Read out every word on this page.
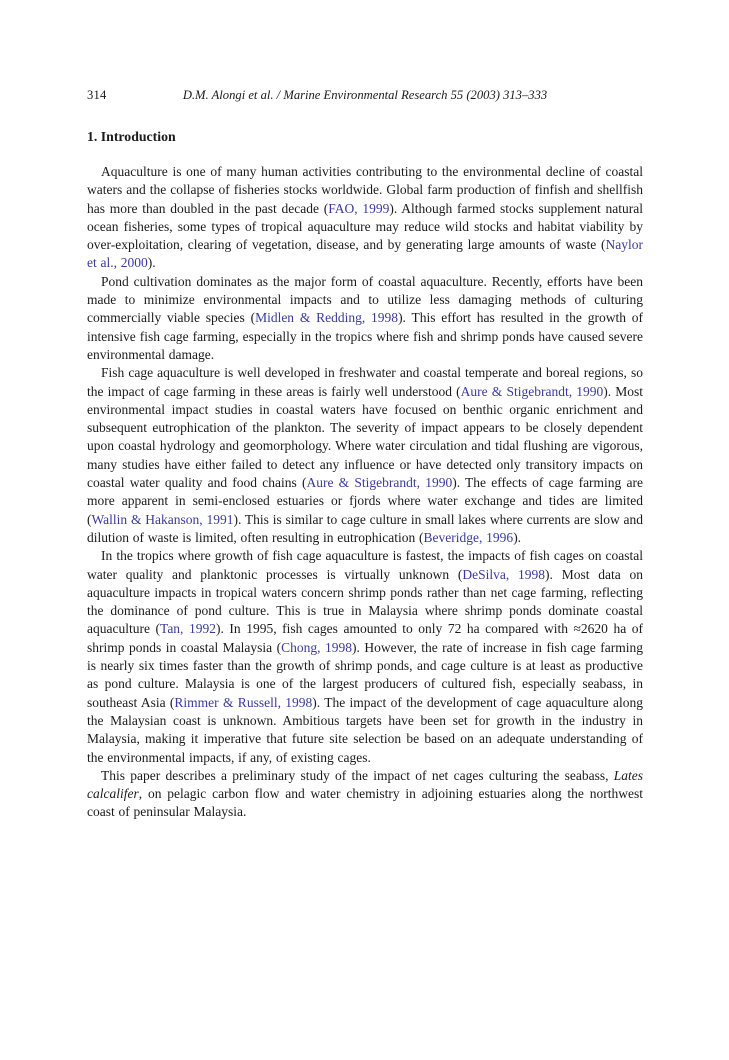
314	D.M. Alongi et al. / Marine Environmental Research 55 (2003) 313–333
1. Introduction

Aquaculture is one of many human activities contributing to the environmental decline of coastal waters and the collapse of fisheries stocks worldwide. Global farm production of finfish and shellfish has more than doubled in the past decade (FAO, 1999). Although farmed stocks supplement natural ocean fisheries, some types of tropical aquaculture may reduce wild stocks and habitat viability by over-exploitation, clearing of vegetation, disease, and by generating large amounts of waste (Naylor et al., 2000).

Pond cultivation dominates as the major form of coastal aquaculture. Recently, efforts have been made to minimize environmental impacts and to utilize less damaging methods of culturing commercially viable species (Midlen & Redding, 1998). This effort has resulted in the growth of intensive fish cage farming, especially in the tropics where fish and shrimp ponds have caused severe environmental damage.

Fish cage aquaculture is well developed in freshwater and coastal temperate and boreal regions, so the impact of cage farming in these areas is fairly well understood (Aure & Stigebrandt, 1990). Most environmental impact studies in coastal waters have focused on benthic organic enrichment and subsequent eutrophication of the plankton. The severity of impact appears to be closely dependent upon coastal hydrology and geomorphology. Where water circulation and tidal flushing are vigorous, many studies have either failed to detect any influence or have detected only transitory impacts on coastal water quality and food chains (Aure & Stigebrandt, 1990). The effects of cage farming are more apparent in semi-enclosed estuaries or fjords where water exchange and tides are limited (Wallin & Hakanson, 1991). This is similar to cage culture in small lakes where currents are slow and dilution of waste is limited, often resulting in eutrophication (Beveridge, 1996).

In the tropics where growth of fish cage aquaculture is fastest, the impacts of fish cages on coastal water quality and planktonic processes is virtually unknown (DeSilva, 1998). Most data on aquaculture impacts in tropical waters concern shrimp ponds rather than net cage farming, reflecting the dominance of pond culture. This is true in Malaysia where shrimp ponds dominate coastal aquaculture (Tan, 1992). In 1995, fish cages amounted to only 72 ha compared with ≈2620 ha of shrimp ponds in coastal Malaysia (Chong, 1998). However, the rate of increase in fish cage farming is nearly six times faster than the growth of shrimp ponds, and cage culture is at least as productive as pond culture. Malaysia is one of the largest producers of cultured fish, especially seabass, in southeast Asia (Rimmer & Russell, 1998). The impact of the development of cage aquaculture along the Malaysian coast is unknown. Ambitious targets have been set for growth in the industry in Malaysia, making it imperative that future site selection be based on an adequate understanding of the environmental impacts, if any, of existing cages.

This paper describes a preliminary study of the impact of net cages culturing the seabass, Lates calcalifer, on pelagic carbon flow and water chemistry in adjoining estuaries along the northwest coast of peninsular Malaysia.
